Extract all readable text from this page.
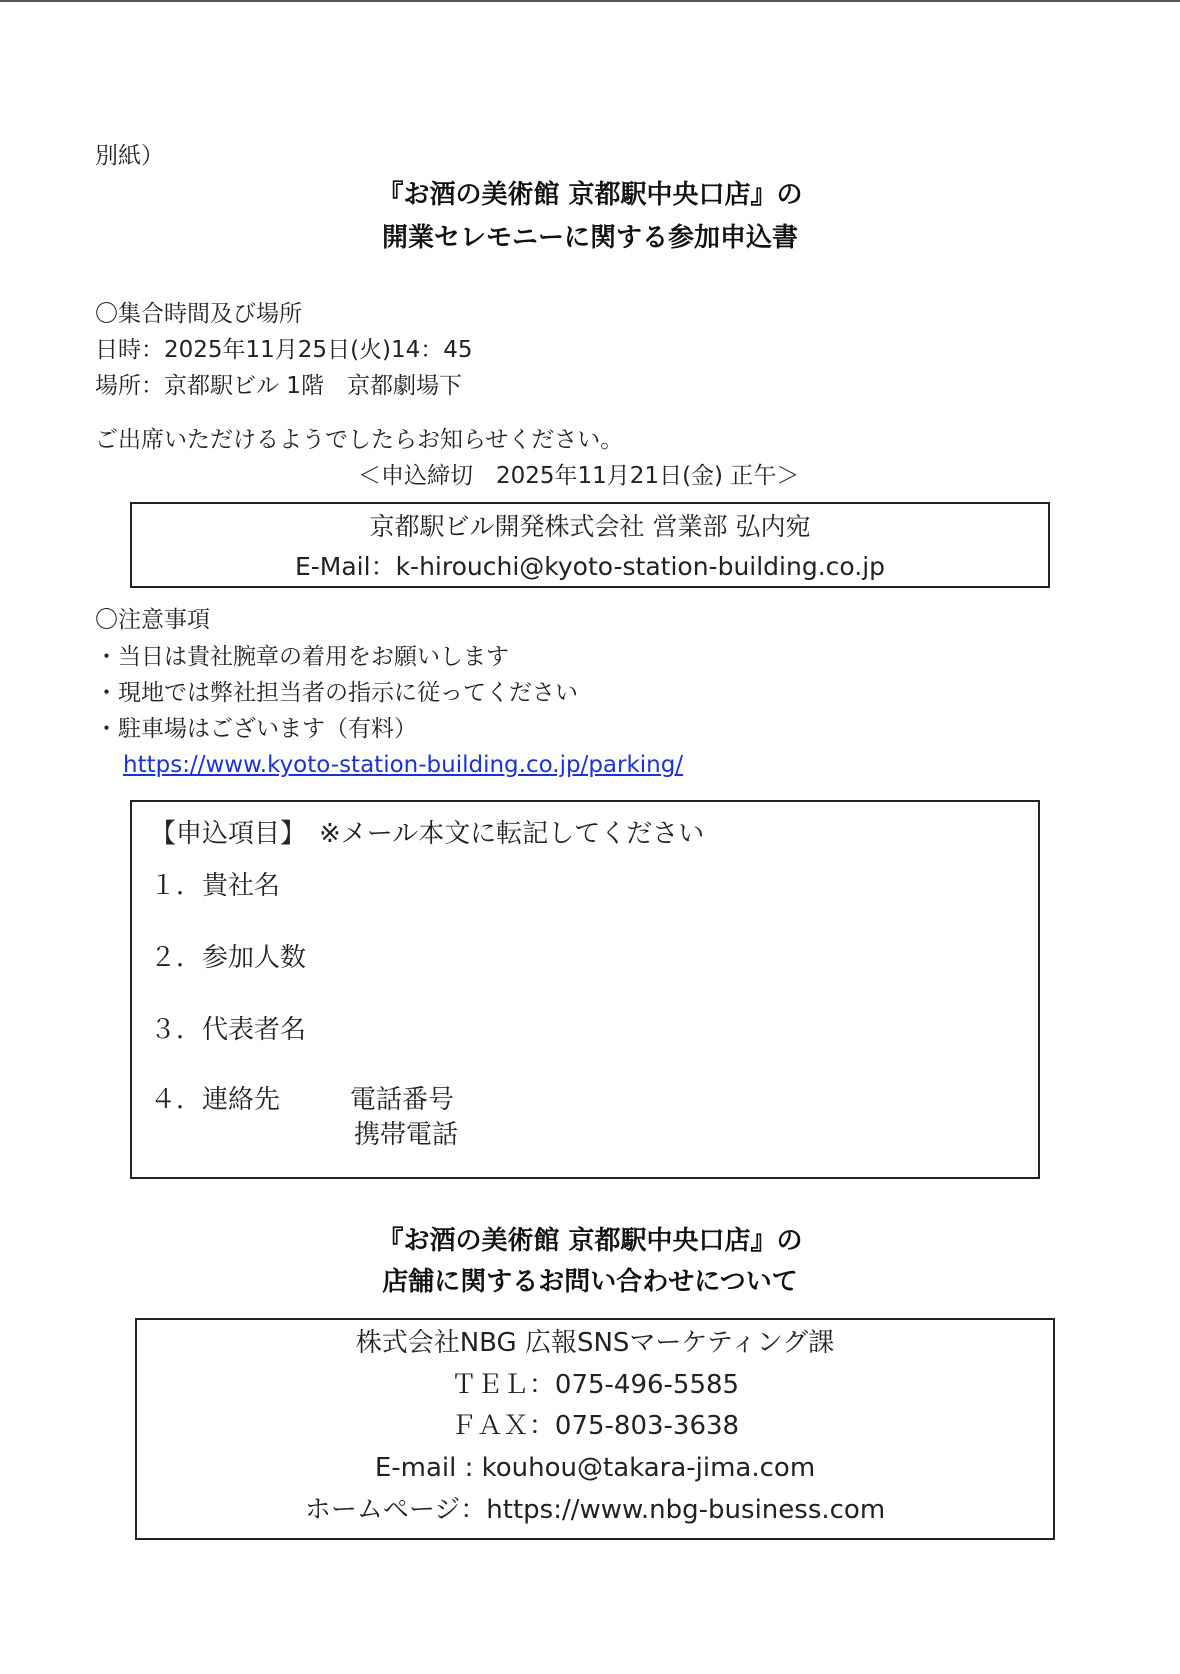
別紙）
『お酒の美術館 京都駅中央口店』の
開業セレモニーに関する参加申込書
〇集合時間及び場所
日時：2025年11月25日(火)14：45
場所：京都駅ビル 1階　京都劇場下
ご出席いただけるようでしたらお知らせください。
＜申込締切　2025年11月21日(金) 正午＞
京都駅ビル開発株式会社 営業部 弘内宛
E-Mail：k-hirouchi@kyoto-station-building.co.jp
〇注意事項
・当日は貴社腕章の着用をお願いします
・現地では弊社担当者の指示に従ってください
・駐車場はございます（有料）
https://www.kyoto-station-building.co.jp/parking/
【申込項目】　※メール本文に転記してください
１．貴社名
２．参加人数
３．代表者名
４．連絡先	電話番号
携帯電話
『お酒の美術館 京都駅中央口店』の
店舗に関するお問い合わせについて
株式会社NBG 広報SNSマーケティング課
ＴＥＬ：075-496-5585
ＦＡＸ：075-803-3638
E-mail : kouhou@takara-jima.com
ホームページ：https://www.nbg-business.com
